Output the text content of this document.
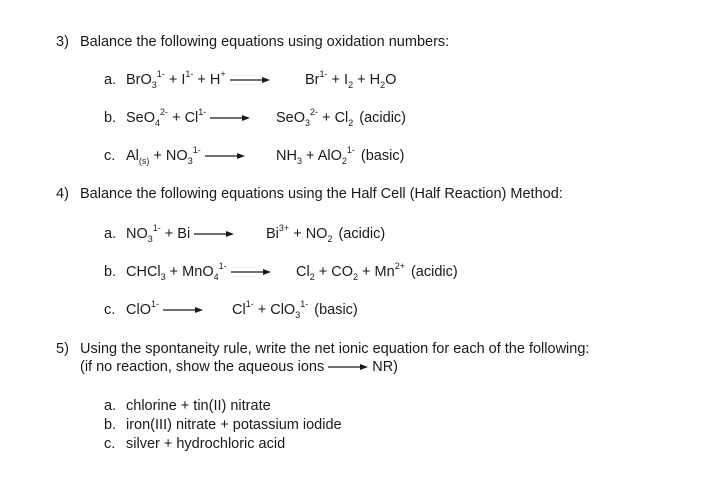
3) Balance the following equations using oxidation numbers:
a. $BrO_3^{1-} + I^{1-} + H^+$	$Br^{1-} + I_2 + H_2O$
b. $SeO_4^{2-} + Cl^{1-}$	$SeO_3^{2-} + Cl_2$ (acidic)
c. $Al_{(s)} + NO_3^{1-}$	$NH_3 + AlO_2^{1-}$ (basic)
4) Balance the following equations using the Half Cell (Half Reaction) Method:
a. $NO_3^{1-} + Bi \to Bi^{3+} + NO_2$ (acidic)
b. CHCl$_3$ + MnO$_4^{1-}$	$Cl_2 + CO_2 + Mn^{2+}$ (acidic)
c. ClO$^{1-}$	$Cl^{1-} + ClO_3^{1-}$ (basic)
5) Using the spontaneity rule, write the net ionic equation for each of the following:
(if no reaction, show the aqueous ions → NR)
a. chlorine + tin(II) nitrate
b. iron(III) nitrate + potassium iodide
c. silver + hydrochloric acid
